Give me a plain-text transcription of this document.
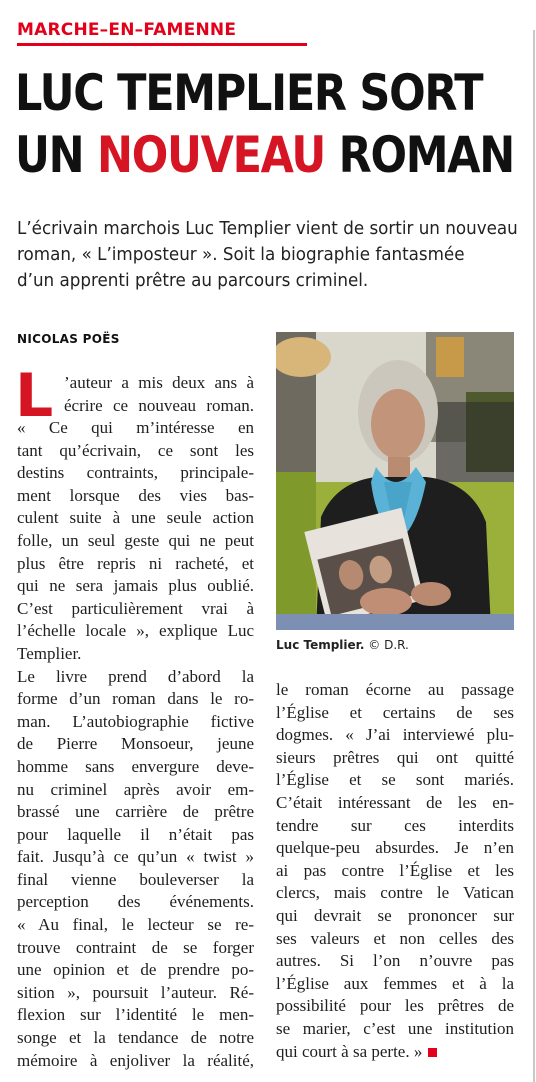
MARCHE–EN–FAMENNE
LUC TEMPLIER SORT
UN NOUVEAU ROMAN
L’écrivain marchois Luc Templier vient de sortir un nouveau
roman, « L’imposteur ». Soit la biographie fantasmée
d’un apprenti prêtre au parcours criminel.
NICOLAS POËS
L ’auteur a mis deux ans à
écrire ce nouveau roman.
« Ce qui m’intéresse en
tant qu’écrivain, ce sont les
destins contraints, principale-
ment lorsque des vies bas-
culent suite à une seule action
folle, un seul geste qui ne peut
plus être repris ni racheté, et
qui ne sera jamais plus oublié.
C’est particulièrement vrai à
l’échelle locale », explique Luc
Templier.
Le livre prend d’abord la
forme d’un roman dans le ro-
man. L’autobiographie fictive
de Pierre Monsoeur, jeune
homme sans envergure deve-
nu criminel après avoir em-
brassé une carrière de prêtre
pour laquelle il n’était pas
fait. Jusqu’à ce qu’un « twist »
final vienne bouleverser la
perception des événements.
« Au final, le lecteur se re-
trouve contraint de se forger
une opinion et de prendre po-
sition », poursuit l’auteur. Ré-
flexion sur l’identité le men-
songe et la tendance de notre
mémoire à enjoliver la réalité,
Luc Templier. © D.R.
le roman écorne au passage
l’Église et certains de ses
dogmes. « J’ai interviewé plu-
sieurs prêtres qui ont quitté
l’Église et se sont mariés.
C’était intéressant de les en-
tendre sur ces interdits
quelque-peu absurdes. Je n’en
ai pas contre l’Église et les
clercs, mais contre le Vatican
qui devrait se prononcer sur
ses valeurs et non celles des
autres. Si l’on n’ouvre pas
l’Église aux femmes et à la
possibilité pour les prêtres de
se marier, c’est une institution
qui court à sa perte. »
